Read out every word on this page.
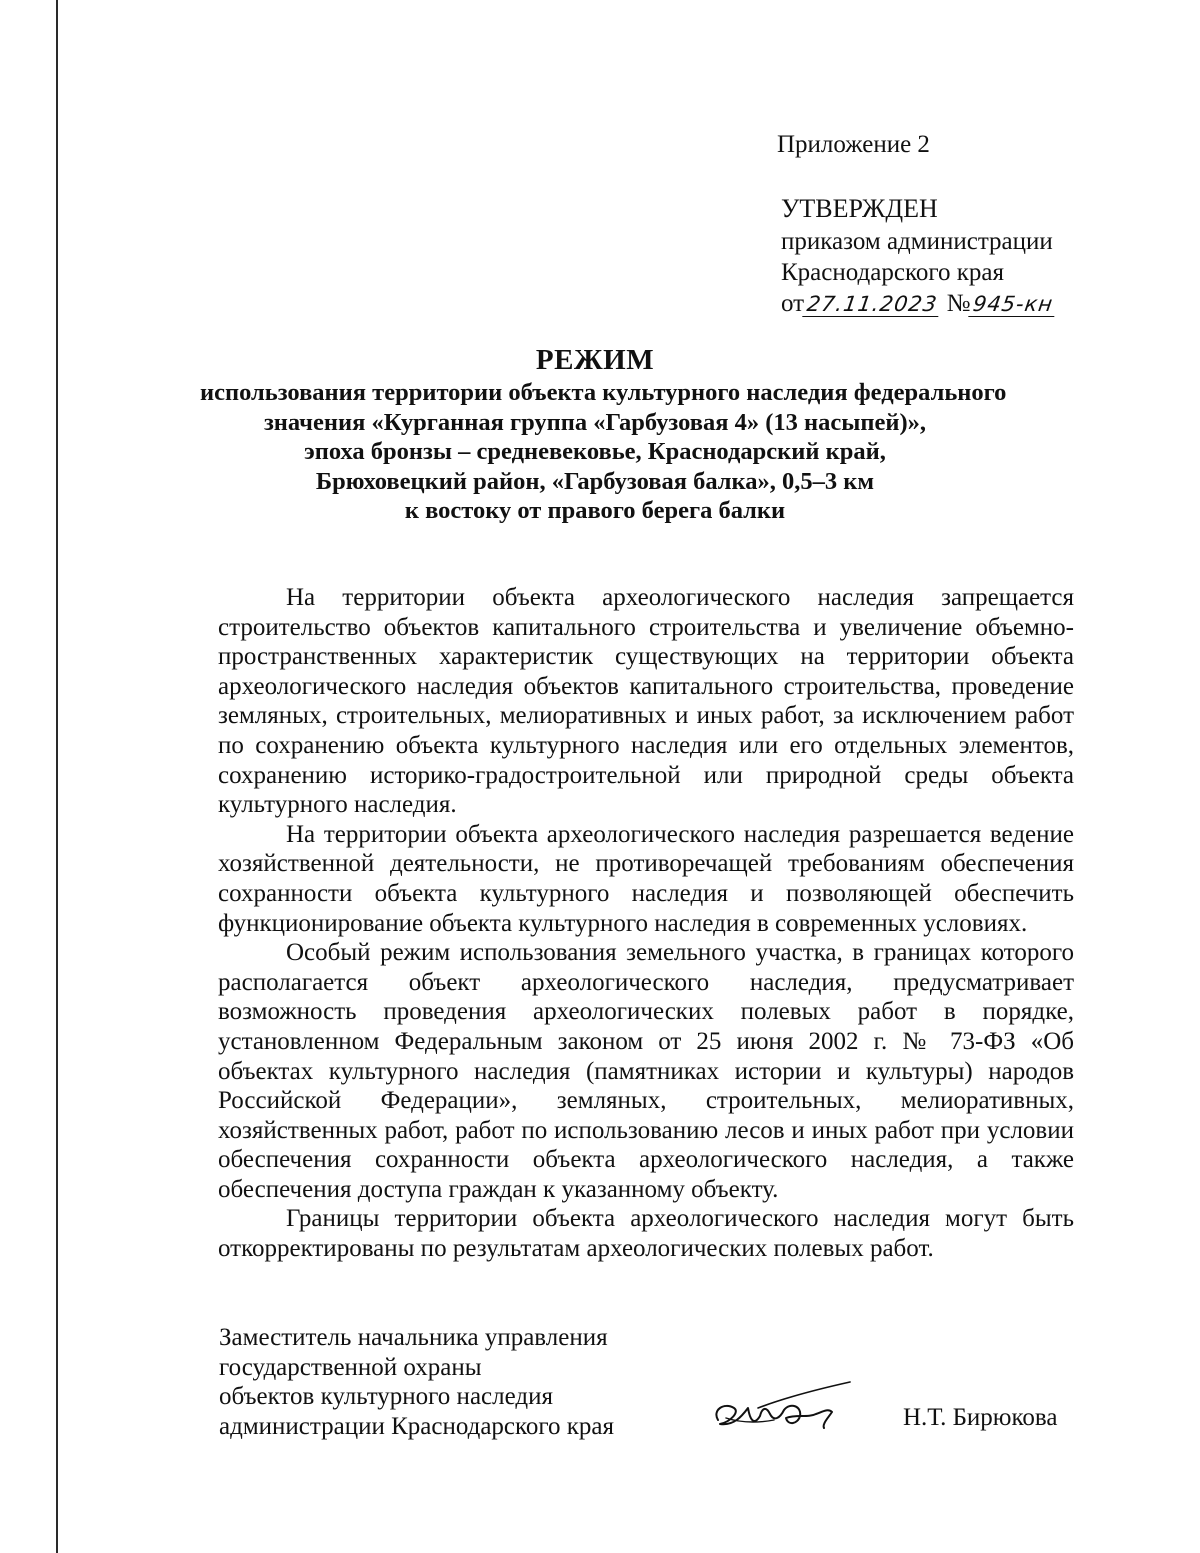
Приложение 2
УТВЕРЖДЕН
приказом администрации
Краснодарского края
от27.11.2023 №945-кн
РЕЖИМ
использования территории объекта культурного наследия федерального
значения «Курганная группа «Гарбузовая 4» (13 насыпей)»,
эпоха бронзы – средневековье, Краснодарский край,
Брюховецкий район, «Гарбузовая балка», 0,5–3 км
к востоку от правого берега балки

На территории объекта археологического наследия запрещается строительство объектов капитального строительства и увеличение объемно-пространственных характеристик существующих на территории объекта археологического наследия объектов капитального строительства, проведение земляных, строительных, мелиоративных и иных работ, за исключением работ по сохранению объекта культурного наследия или его отдельных элементов, сохранению историко-градостроительной или природной среды объекта культурного наследия.

На территории объекта археологического наследия разрешается ведение хозяйственной деятельности, не противоречащей требованиям обеспечения сохранности объекта культурного наследия и позволяющей обеспечить функционирование объекта культурного наследия в современных условиях.

Особый режим использования земельного участка, в границах которого располагается объект археологического наследия, предусматривает возможность проведения археологических полевых работ в порядке, установленном Федеральным законом от 25 июня 2002 г. № 73-ФЗ «Об объектах культурного наследия (памятниках истории и культуры) народов Российской Федерации», земляных, строительных, мелиоративных, хозяйственных работ, работ по использованию лесов и иных работ при условии обеспечения сохранности объекта археологического наследия, а также обеспечения доступа граждан к указанному объекту.

Границы территории объекта археологического наследия могут быть откорректированы по результатам археологических полевых работ.

Заместитель начальника управления
государственной охраны
объектов культурного наследия
администрации Краснодарского края	Н.Т. Бирюкова
